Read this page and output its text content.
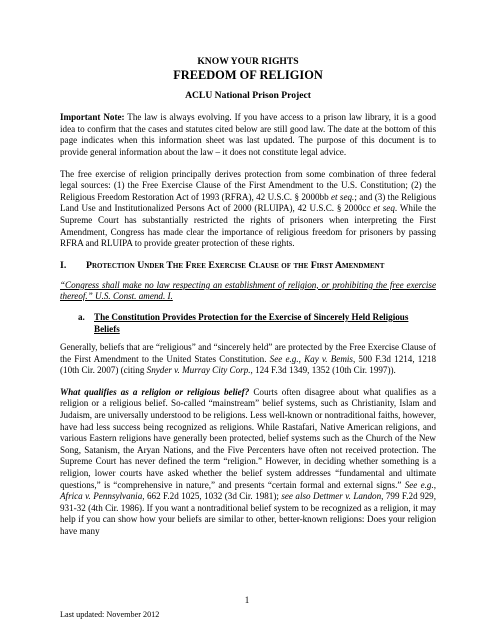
KNOW YOUR RIGHTS
FREEDOM OF RELIGION
ACLU National Prison Project

Important Note: The law is always evolving. If you have access to a prison law library, it is a good idea to confirm that the cases and statutes cited below are still good law. The date at the bottom of this page indicates when this information sheet was last updated. The purpose of this document is to provide general information about the law – it does not constitute legal advice.

The free exercise of religion principally derives protection from some combination of three federal legal sources: (1) the Free Exercise Clause of the First Amendment to the U.S. Constitution; (2) the Religious Freedom Restoration Act of 1993 (RFRA), 42 U.S.C. § 2000bb et seq.; and (3) the Religious Land Use and Institutionalized Persons Act of 2000 (RLUIPA), 42 U.S.C. § 2000cc et seq. While the Supreme Court has substantially restricted the rights of prisoners when interpreting the First Amendment, Congress has made clear the importance of religious freedom for prisoners by passing RFRA and RLUIPA to provide greater protection of these rights.

I.	Protection Under The Free Exercise Clause of the First Amendment

“Congress shall make no law respecting an establishment of religion, or prohibiting the free exercise thereof.” U.S. Const. amend. I.

a.	The Constitution Provides Protection for the Exercise of Sincerely Held Religious Beliefs

Generally, beliefs that are “religious” and “sincerely held” are protected by the Free Exercise Clause of the First Amendment to the United States Constitution. See e.g., Kay v. Bemis, 500 F.3d 1214, 1218 (10th Cir. 2007) (citing Snyder v. Murray City Corp., 124 F.3d 1349, 1352 (10th Cir. 1997)).

What qualifies as a religion or religious belief? Courts often disagree about what qualifies as a religion or a religious belief. So-called “mainstream” belief systems, such as Christianity, Islam and Judaism, are universally understood to be religions. Less well-known or nontraditional faiths, however, have had less success being recognized as religions. While Rastafari, Native American religions, and various Eastern religions have generally been protected, belief systems such as the Church of the New Song, Satanism, the Aryan Nations, and the Five Percenters have often not received protection. The Supreme Court has never defined the term “religion.” However, in deciding whether something is a religion, lower courts have asked whether the belief system addresses “fundamental and ultimate questions,” is “comprehensive in nature,” and presents “certain formal and external signs.” See e.g., Africa v. Pennsylvania, 662 F.2d 1025, 1032 (3d Cir. 1981); see also Dettmer v. Landon, 799 F.2d 929, 931-32 (4th Cir. 1986). If you want a nontraditional belief system to be recognized as a religion, it may help if you can show how your beliefs are similar to other, better-known religions: Does your religion have many

1
Last updated: November 2012
